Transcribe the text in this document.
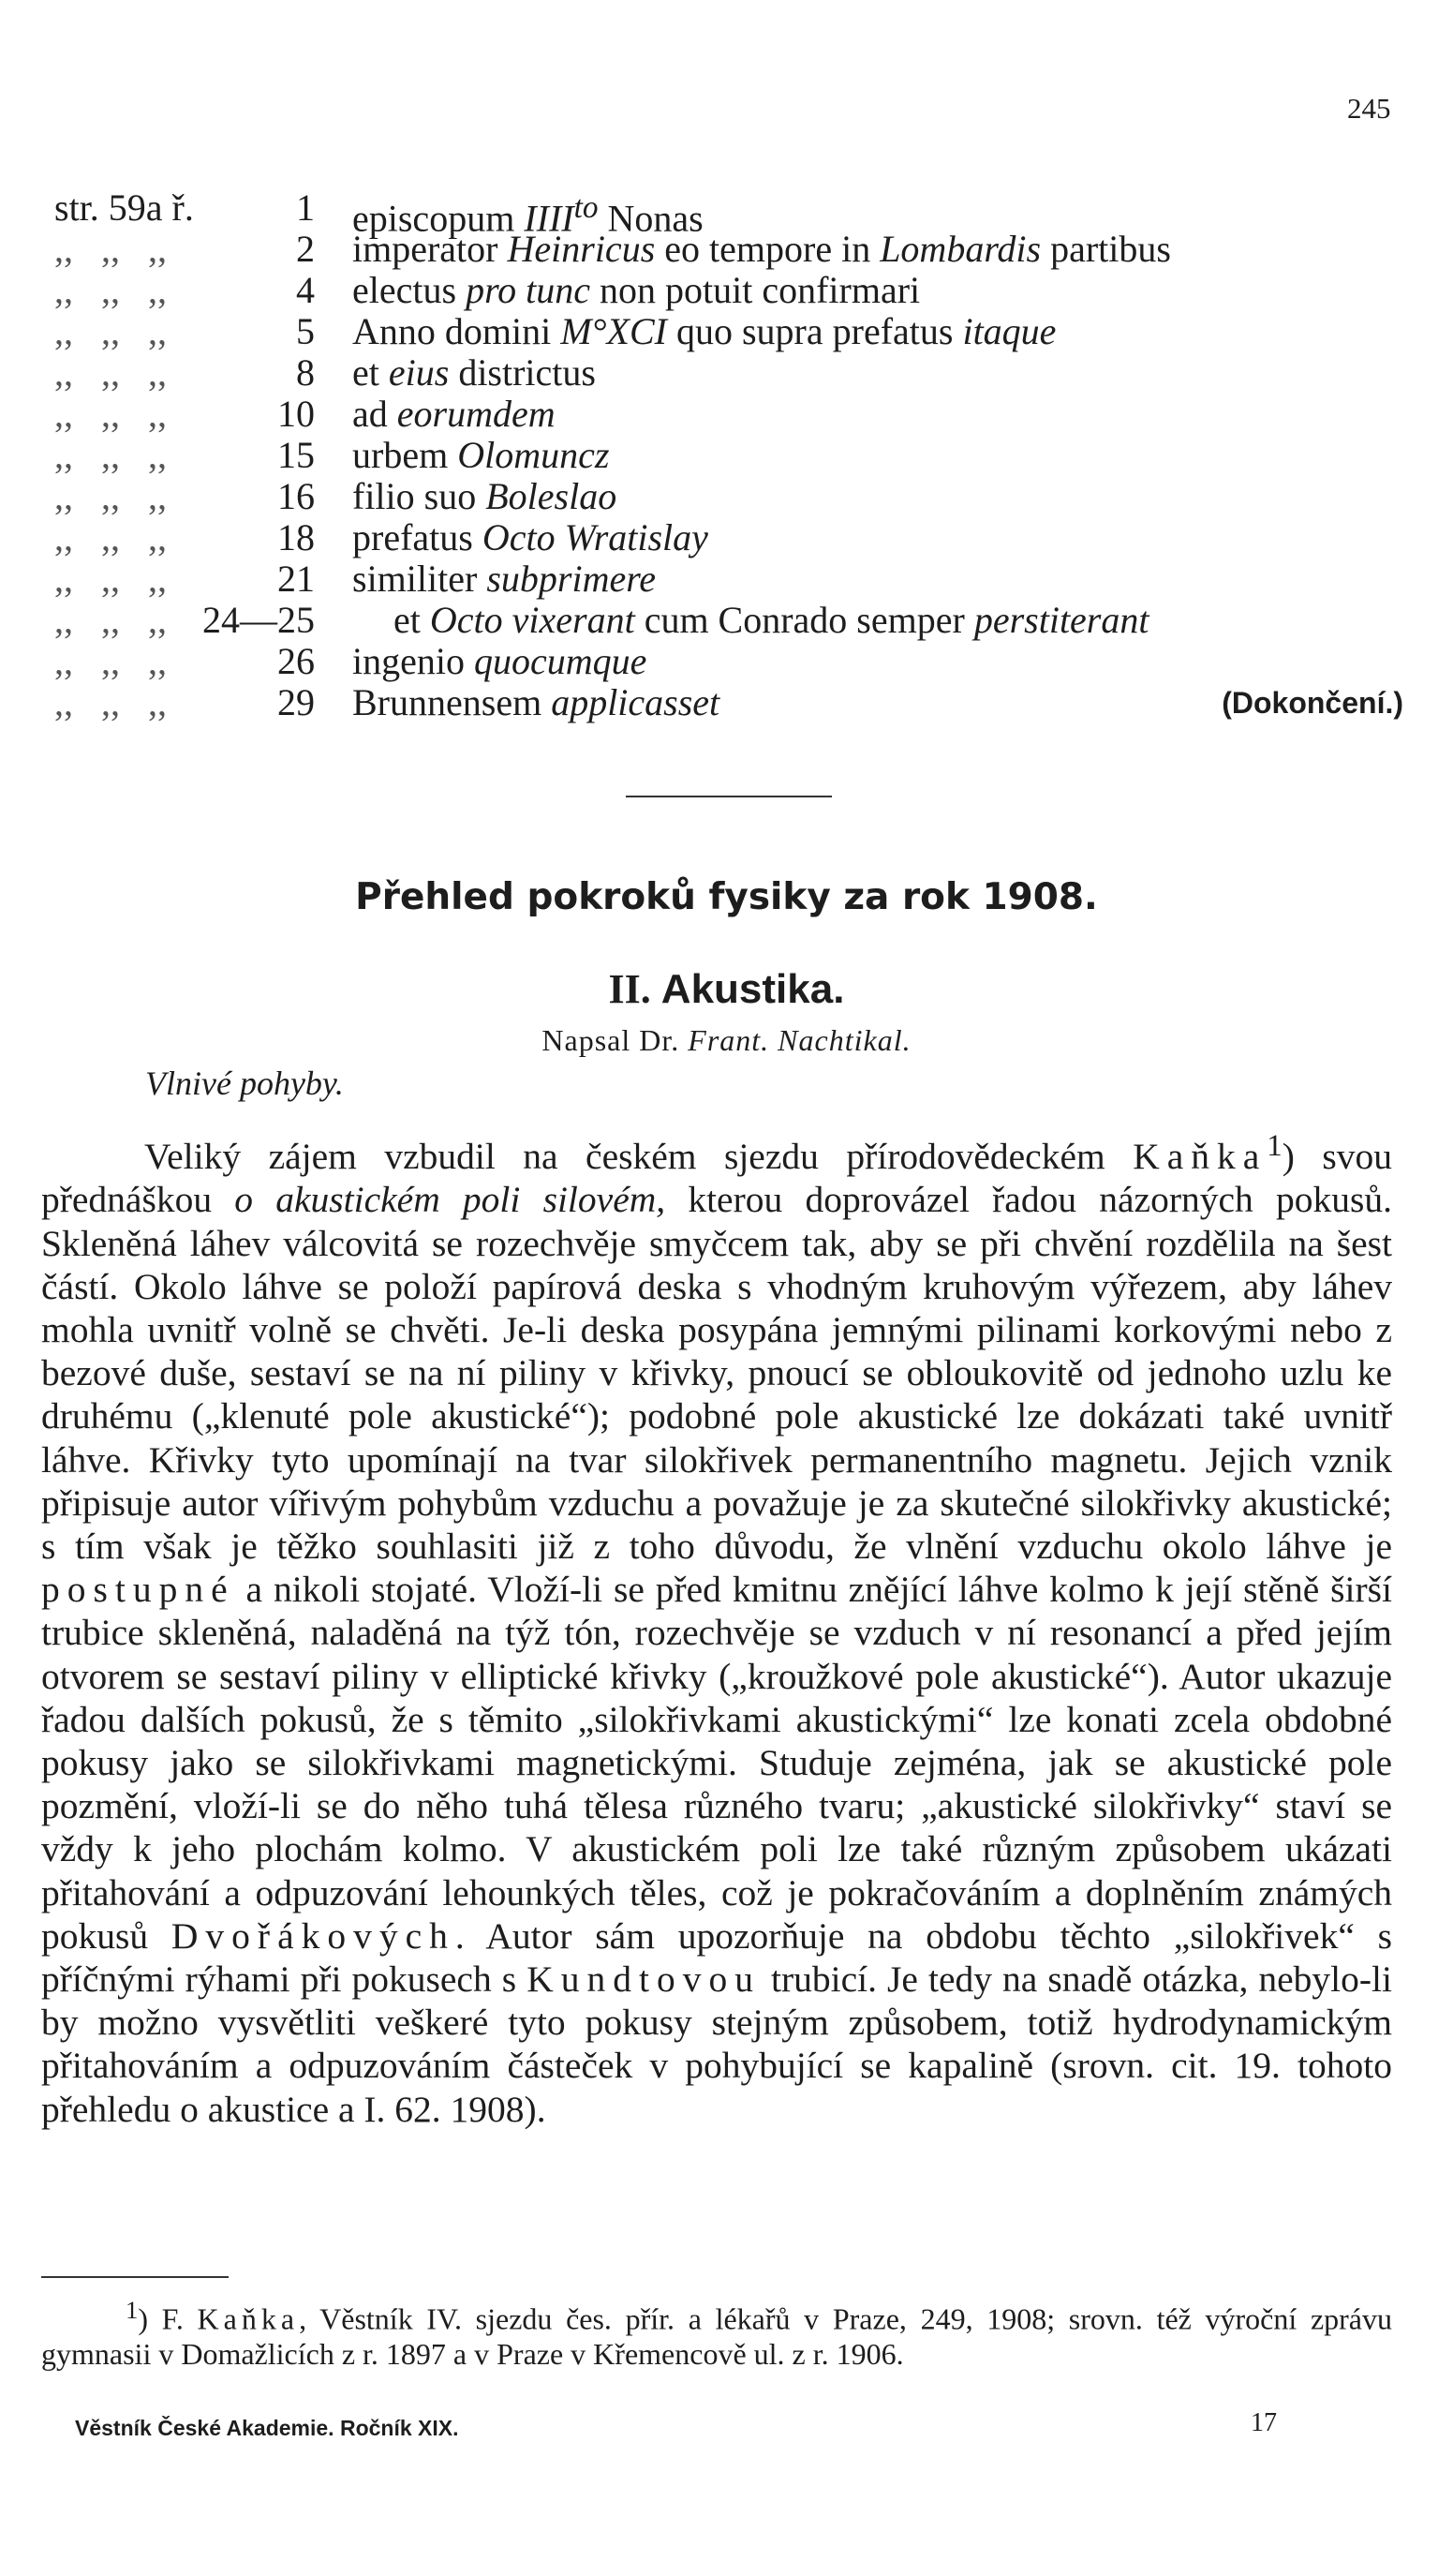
245
str. 59a ř.	1 episcopum $IIII^{to}$ Nonas
,,   ,,   ,,	2 imperator Heinricus eo tempore in Lombardis partibus
,,   ,,   ,,	4 electus pro tunc non potuit confirmari
,,   ,,   ,,	5 Anno domini M°XCI quo supra prefatus itaque
,,   ,,   ,,	8 et eius districtus
,,   ,,   ,,	10 ad eorumdem
,,   ,,   ,,	15 urbem Olomuncz
,,   ,,   ,,	16 filio suo Boleslao
,,   ,,   ,,	18 prefatus Octo Wratislay
,,   ,,   ,,	21 similiter subprimere
,,   ,,   ,, 24—25 et Octo vixerant cum Conrado semper perstiterant
,,   ,,   ,,	26 ingenio quocumque
,,   ,,   ,,	29 Brunnensem applicasset	(Dokončení.)
Přehled pokroků fysiky za rok 1908.
II. Akustika.
Napsal Dr. Frant. Nachtikal.
Vlnivé pohyby.

Veliký zájem vzbudil na českém sjezdu přírodovědeckém Kaňka$^1$) svou přednáškou o akustickém poli silovém, kterou doprovázel řadou názorných pokusů. Skleněná láhev válcovitá se rozechvěje smyčcem tak, aby se při chvění rozdělila na šest částí. Okolo láhve se položí papírová deska s vhodným kruhovým výřezem, aby láhev mohla uvnitř volně se chvěti. Je-li deska posypána jemnými pilinami korkovými nebo z bezové duše, sestaví se na ní piliny v křivky, pnoucí se obloukovitě od jednoho uzlu ke druhému („klenuté pole akustické“); podobné pole akustické lze dokázati také uvnitř láhve. Křivky tyto upomínají na tvar silokřivek permanentního magnetu. Jejich vznik připisuje autor vířivým pohybům vzduchu a považuje je za skutečné silokřivky akustické; s tím však je těžko souhlasiti již z toho důvodu, že vlnění vzduchu okolo láhve je postupné a nikoli stojaté. Vloží-li se před kmitnu znějící láhve kolmo k její stěně širší trubice skleněná, naladěná na týž tón, rozechvěje se vzduch v ní resonancí a před jejím otvorem se sestaví piliny v elliptické křivky („kroužkové pole akustické“). Autor ukazuje řadou dalších pokusů, že s těmito „silokřivkami akustickými“ lze konati zcela obdobné pokusy jako se silokřivkami magnetickými. Studuje zejména, jak se akustické pole pozmění, vloží-li se do něho tuhá tělesa různého tvaru; „akustické silokřivky“ staví se vždy k jeho plochám kolmo. V akustickém poli lze také různým způsobem ukázati přitahování a odpuzování lehounkých těles, což je pokračováním a doplněním známých pokusů Dvořákových. Autor sám upozorňuje na obdobu těchto „silokřivek“ s příčnými rýhami při pokusech s Kundtovou trubicí. Je tedy na snadě otázka, nebylo-li by možno vysvětliti veškeré tyto pokusy stejným způsobem, totiž hydrodynamickým přitahováním a odpuzováním částeček v pohybující se kapalině (srovn. cit. 19. tohoto přehledu o akustice a I. 62. 1908).

$^1$) F. Kaňka, Věstník IV. sjezdu čes. přír. a lékařů v Praze, 249, 1908; srovn. též výroční zprávu gymnasii v Domažlicích z r. 1897 a v Praze v Křemencově ul. z r. 1906.

Věstník České Akademie. Ročník XIX.	17
